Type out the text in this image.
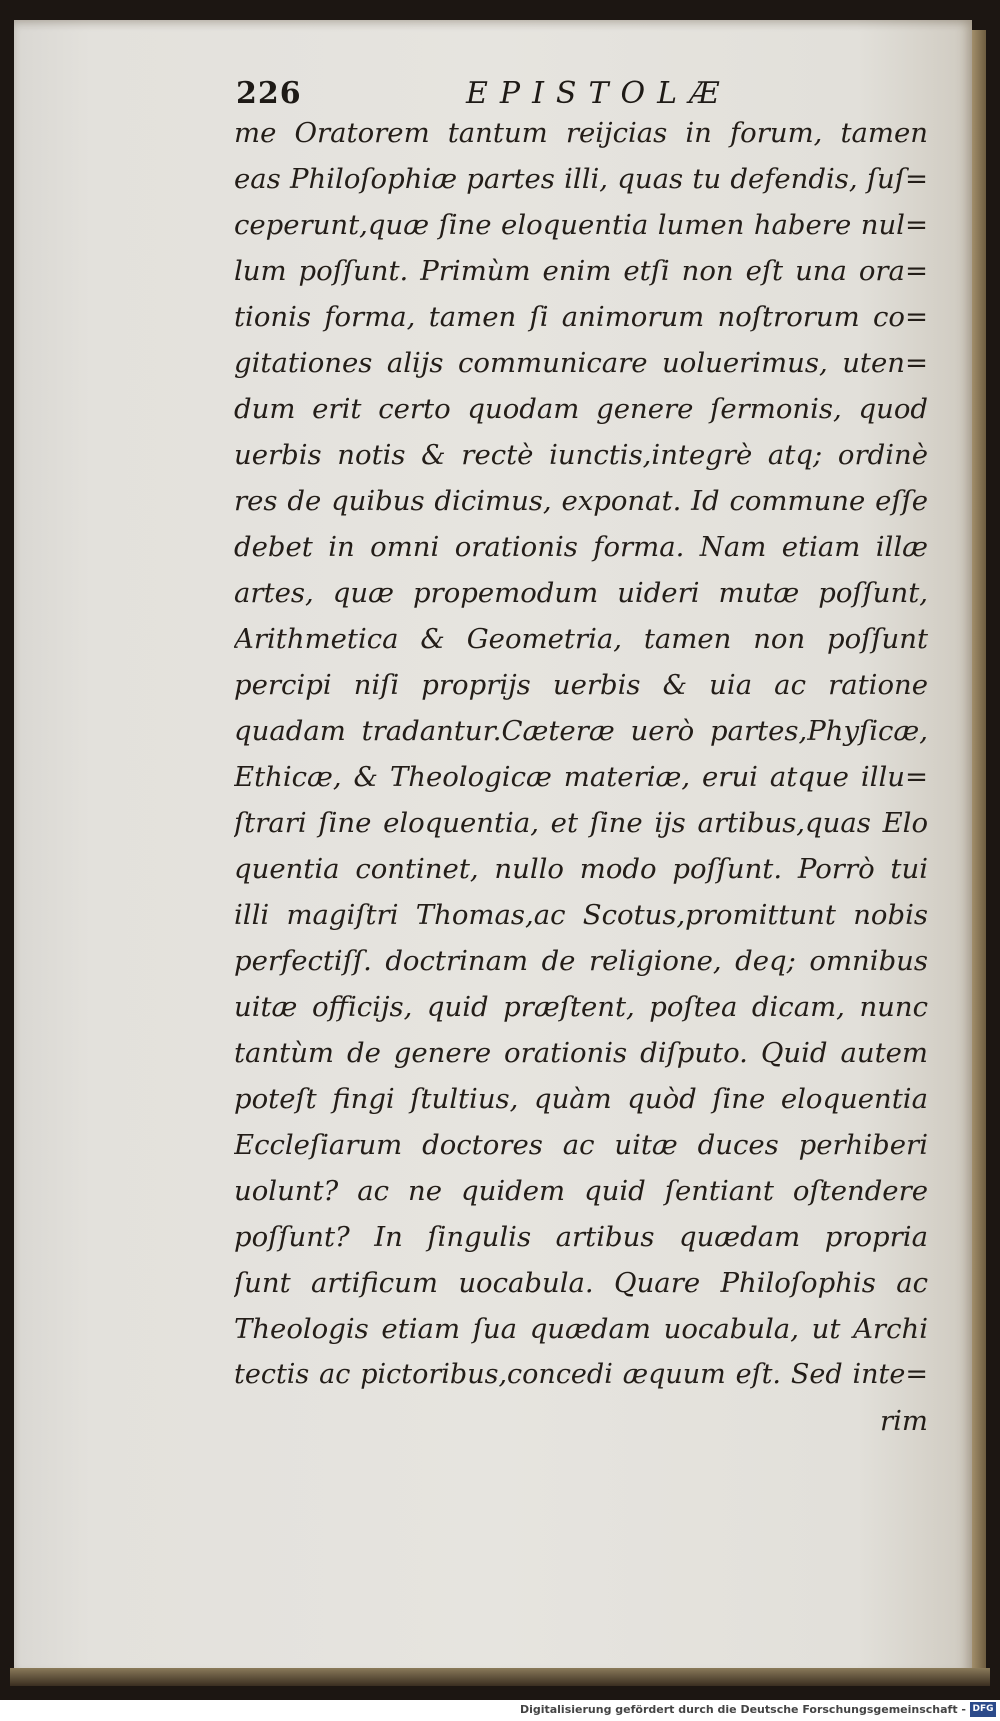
226	EPISTOLÆ
me Oratorem tantum reijcias in forum, tamen
eas Philoſophiæ partes illi, quas tu defendis, ſuſ=
ceperunt,quæ ſine eloquentia lumen habere nul=
lum poſſunt. Primùm enim etſi non eſt una ora=
tionis forma, tamen ſi animorum noſtrorum co=
gitationes alijs communicare uoluerimus, uten=
dum erit certo quodam genere ſermonis, quod
uerbis notis & rectè iunctis,integrè atq; ordinè
res de quibus dicimus, exponat. Id commune eſſe
debet in omni orationis forma. Nam etiam illæ
artes, quæ propemodum uideri mutæ poſſunt,
Arithmetica & Geometria, tamen non poſſunt
percipi niſi proprijs uerbis & uia ac ratione
quadam tradantur.Cæteræ uerò partes,Phyſicæ,
Ethicæ, & Theologicæ materiæ, erui atque illu=
ſtrari ſine eloquentia, et ſine ijs artibus,quas Elo
quentia continet, nullo modo poſſunt. Porrò tui
illi magiſtri Thomas,ac Scotus,promittunt nobis
perfectiſſ. doctrinam de religione, deq; omnibus
uitæ officijs, quid præſtent, poſtea dicam, nunc
tantùm de genere orationis diſputo. Quid autem
poteſt fingi ſtultius, quàm quòd ſine eloquentia
Eccleſiarum doctores ac uitæ duces perhiberi
uolunt? ac ne quidem quid ſentiant oſtendere
poſſunt? In ſingulis artibus quædam propria
ſunt artificum uocabula. Quare Philoſophis ac
Theologis etiam ſua quædam uocabula, ut Archi
tectis ac pictoribus,concedi æquum eſt. Sed inte=
rim
Digitalisierung gefördert durch die Deutsche Forschungsgemeinschaft - DFG
